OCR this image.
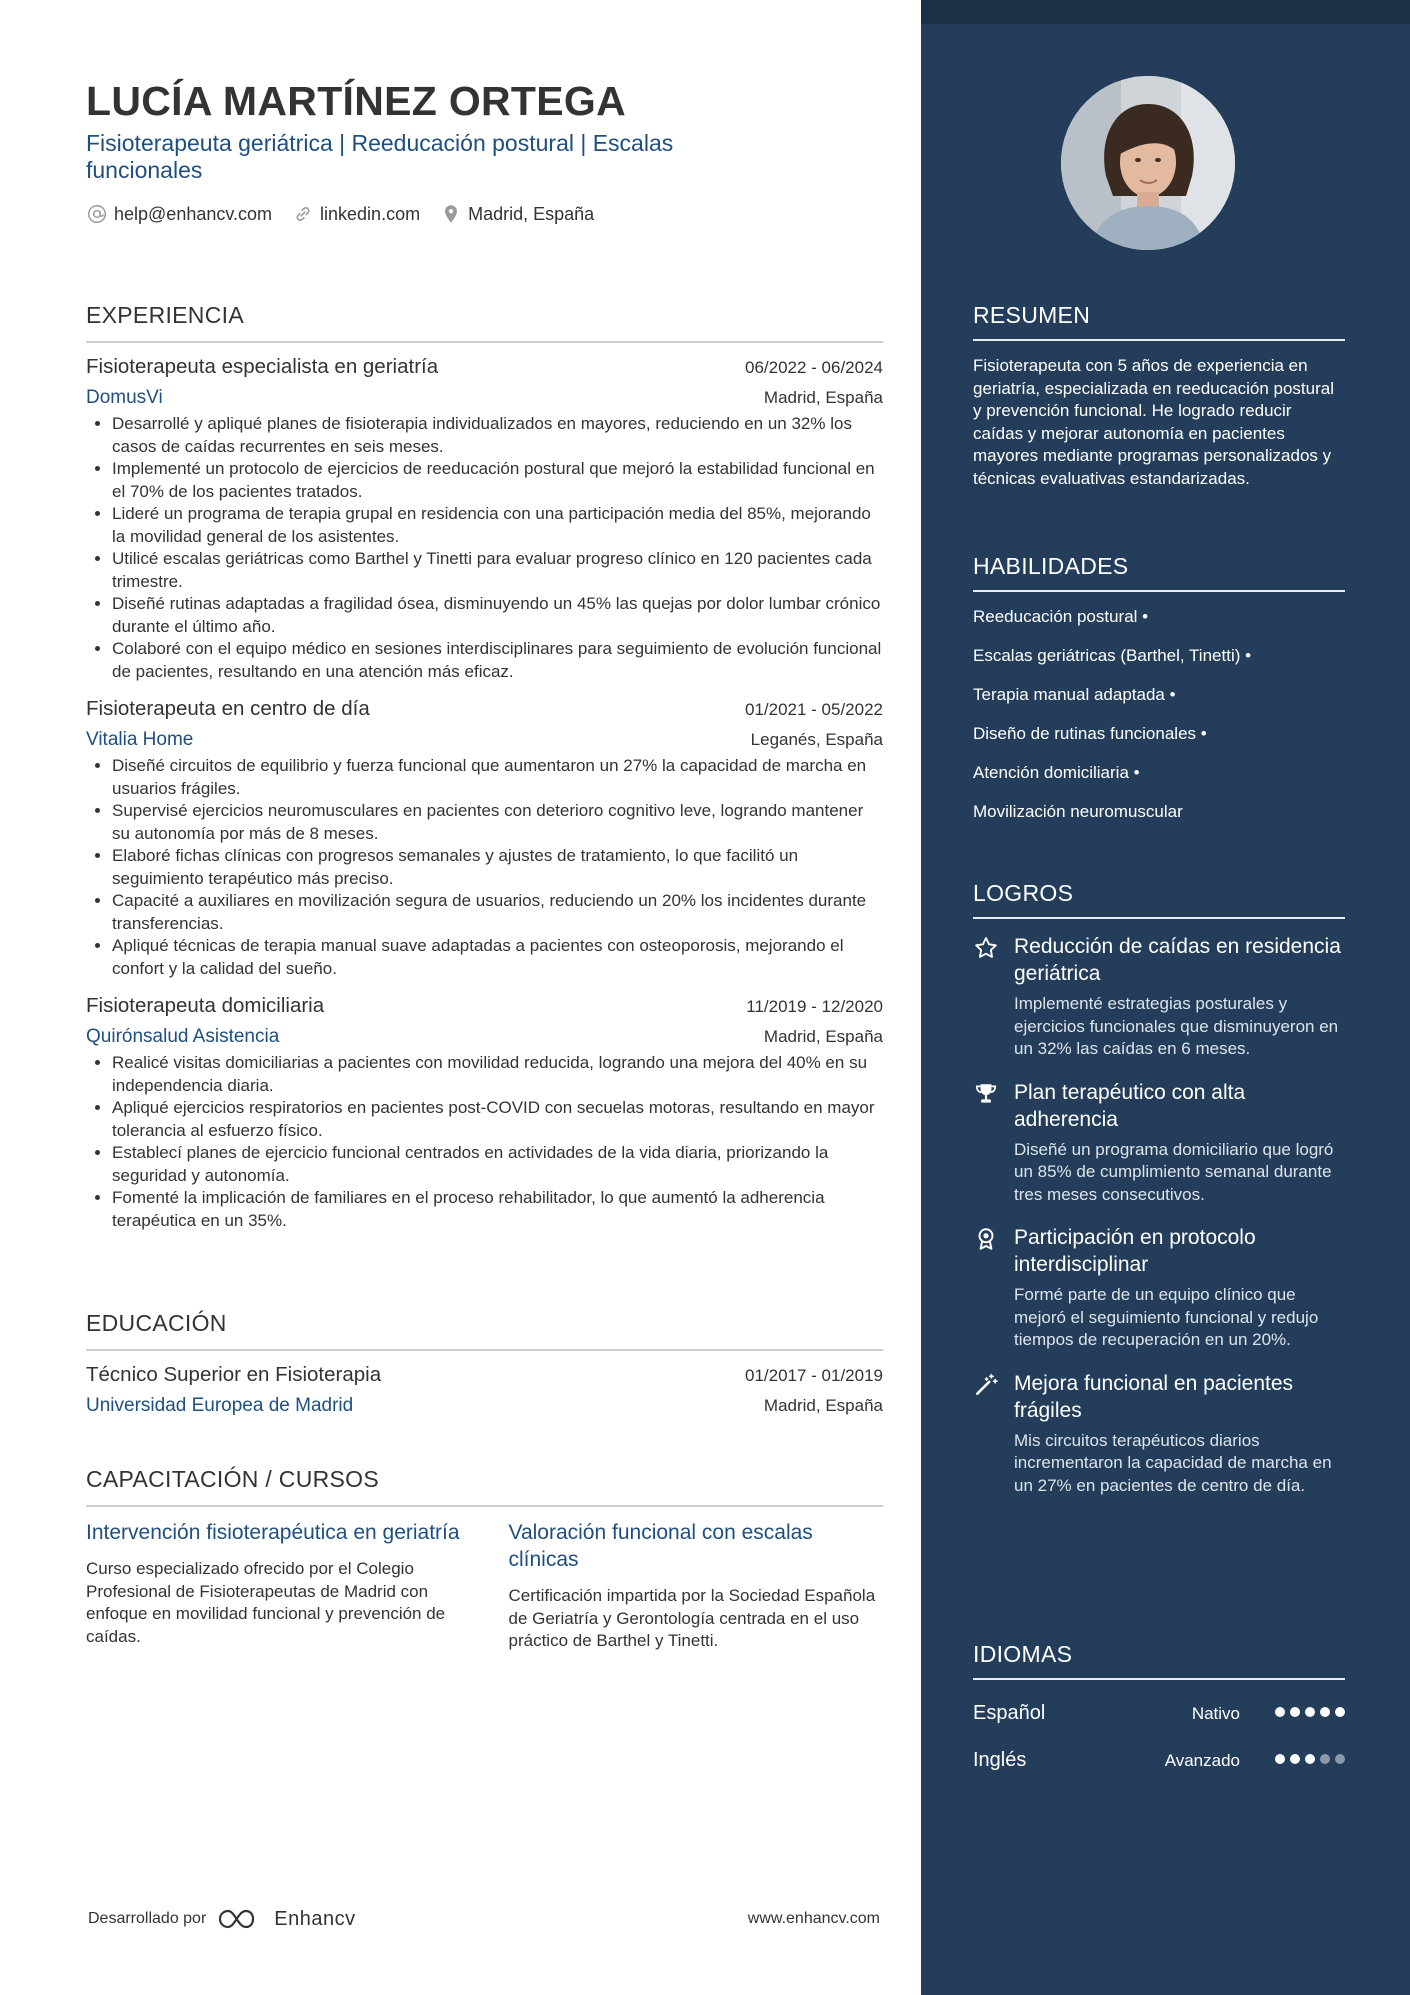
LUCÍA MARTÍNEZ ORTEGA
Fisioterapeuta geriátrica | Reeducación postural | Escalas funcionales
help@enhancv.com	linkedin.com	Madrid, España
EXPERIENCIA
Fisioterapeuta especialista en geriatría	06/2022 - 06/2024
DomusVi	Madrid, España
• Desarrollé y apliqué planes de fisioterapia individualizados en mayores, reduciendo en un 32% los casos de caídas recurrentes en seis meses.
• Implementé un protocolo de ejercicios de reeducación postural que mejoró la estabilidad funcional en el 70% de los pacientes tratados.
• Lideré un programa de terapia grupal en residencia con una participación media del 85%, mejorando la movilidad general de los asistentes.
• Utilicé escalas geriátricas como Barthel y Tinetti para evaluar progreso clínico en 120 pacientes cada trimestre.
• Diseñé rutinas adaptadas a fragilidad ósea, disminuyendo un 45% las quejas por dolor lumbar crónico durante el último año.
• Colaboré con el equipo médico en sesiones interdisciplinares para seguimiento de evolución funcional de pacientes, resultando en una atención más eficaz.
Fisioterapeuta en centro de día	01/2021 - 05/2022
Vitalia Home	Leganés, España
• Diseñé circuitos de equilibrio y fuerza funcional que aumentaron un 27% la capacidad de marcha en usuarios frágiles.
• Supervisé ejercicios neuromusculares en pacientes con deterioro cognitivo leve, logrando mantener su autonomía por más de 8 meses.
• Elaboré fichas clínicas con progresos semanales y ajustes de tratamiento, lo que facilitó un seguimiento terapéutico más preciso.
• Capacité a auxiliares en movilización segura de usuarios, reduciendo un 20% los incidentes durante transferencias.
• Apliqué técnicas de terapia manual suave adaptadas a pacientes con osteoporosis, mejorando el confort y la calidad del sueño.
Fisioterapeuta domiciliaria	11/2019 - 12/2020
Quirónsalud Asistencia	Madrid, España
• Realicé visitas domiciliarias a pacientes con movilidad reducida, logrando una mejora del 40% en su independencia diaria.
• Apliqué ejercicios respiratorios en pacientes post-COVID con secuelas motoras, resultando en mayor tolerancia al esfuerzo físico.
• Establecí planes de ejercicio funcional centrados en actividades de la vida diaria, priorizando la seguridad y autonomía.
• Fomenté la implicación de familiares en el proceso rehabilitador, lo que aumentó la adherencia terapéutica en un 35%.
EDUCACIÓN
Técnico Superior en Fisioterapia	01/2017 - 01/2019
Universidad Europea de Madrid	Madrid, España
CAPACITACIÓN / CURSOS
Intervención fisioterapéutica en geriatría
Curso especializado ofrecido por el Colegio Profesional de Fisioterapeutas de Madrid con enfoque en movilidad funcional y prevención de caídas.
Valoración funcional con escalas clínicas
Certificación impartida por la Sociedad Española de Geriatría y Gerontología centrada en el uso práctico de Barthel y Tinetti.
Desarrollado por	Enhancv	www.enhancv.com
RESUMEN
Fisioterapeuta con 5 años de experiencia en geriatría, especializada en reeducación postural y prevención funcional. He logrado reducir caídas y mejorar autonomía en pacientes mayores mediante programas personalizados y técnicas evaluativas estandarizadas.
HABILIDADES
Reeducación postural •
Escalas geriátricas (Barthel, Tinetti) •
Terapia manual adaptada •
Diseño de rutinas funcionales •
Atención domiciliaria •
Movilización neuromuscular
LOGROS
Reducción de caídas en residencia geriátrica
Implementé estrategias posturales y ejercicios funcionales que disminuyeron en un 32% las caídas en 6 meses.
Plan terapéutico con alta adherencia
Diseñé un programa domiciliario que logró un 85% de cumplimiento semanal durante tres meses consecutivos.
Participación en protocolo interdisciplinar
Formé parte de un equipo clínico que mejoró el seguimiento funcional y redujo tiempos de recuperación en un 20%.
Mejora funcional en pacientes frágiles
Mis circuitos terapéuticos diarios incrementaron la capacidad de marcha en un 27% en pacientes de centro de día.
IDIOMAS
Español	Nativo
Inglés	Avanzado
